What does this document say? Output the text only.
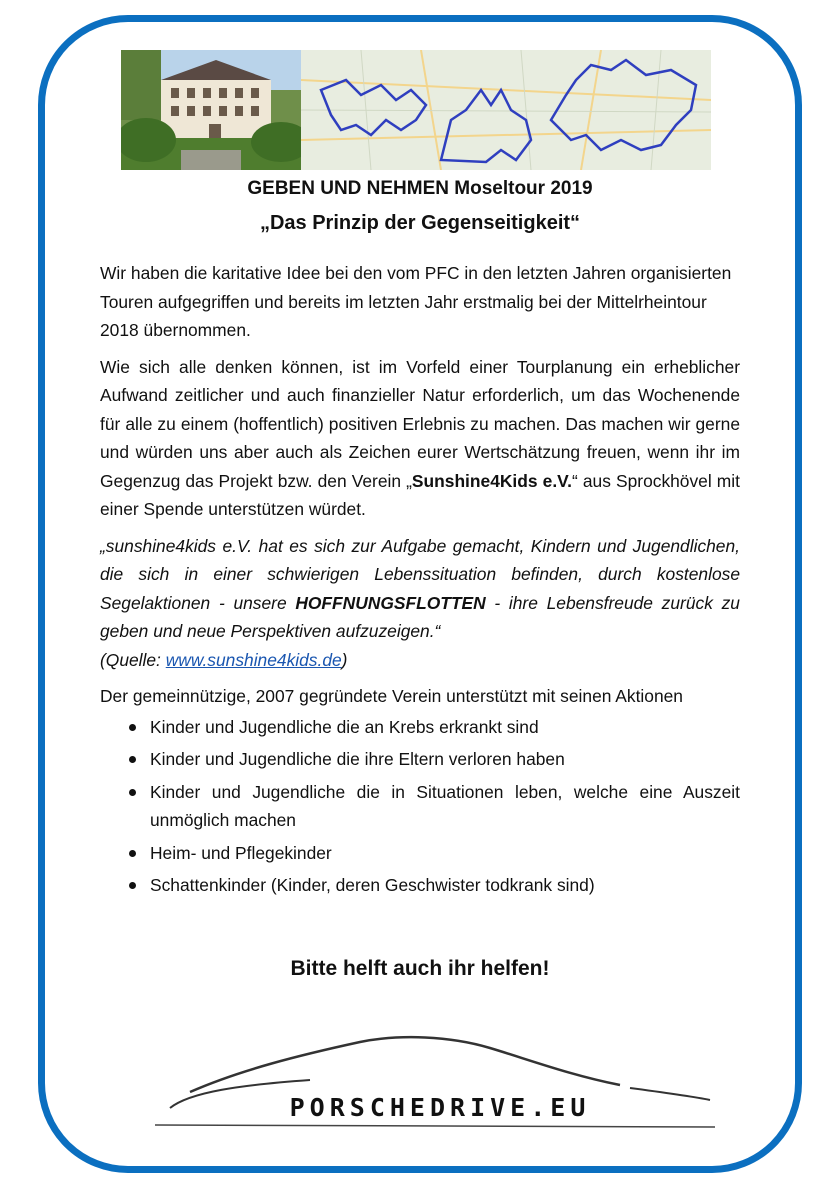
GEBEN UND NEHMEN Moseltour 2019
„Das Prinzip der Gegenseitigkeit“

Wir haben die karitative Idee bei den vom PFC in den letzten Jahren organisierten Touren aufgegriffen und bereits im letzten Jahr erstmalig bei der Mittelrheintour 2018 übernommen.

Wie sich alle denken können, ist im Vorfeld einer Tourplanung ein erheblicher Aufwand zeitlicher und auch finanzieller Natur erforderlich, um das Wochenende für alle zu einem (hoffentlich) positiven Erlebnis zu machen. Das machen wir gerne und würden uns aber auch als Zeichen eurer Wertschätzung freuen, wenn ihr im Gegenzug das Projekt bzw. den Verein „Sunshine4Kids e.V.“ aus Sprockhövel mit einer Spende unterstützen würdet.

„sunshine4kids e.V. hat es sich zur Aufgabe gemacht, Kindern und Jugendlichen, die sich in einer schwierigen Lebenssituation befinden, durch kostenlose Segelaktionen - unsere HOFFNUNGSFLOTTEN - ihre Lebensfreude zurück zu geben und neue Perspektiven aufzuzeigen.“
(Quelle: www.sunshine4kids.de)

Der gemeinnützige, 2007 gegründete Verein unterstützt mit seinen Aktionen

Kinder und Jugendliche die an Krebs erkrankt sind
Kinder und Jugendliche die ihre Eltern verloren haben
Kinder und Jugendliche die in Situationen leben, welche eine Auszeit unmöglich machen
Heim- und Pflegekinder
Schattenkinder (Kinder, deren Geschwister todkrank sind)
Bitte helft auch ihr helfen!
PORSCHEDRIVE.EU
